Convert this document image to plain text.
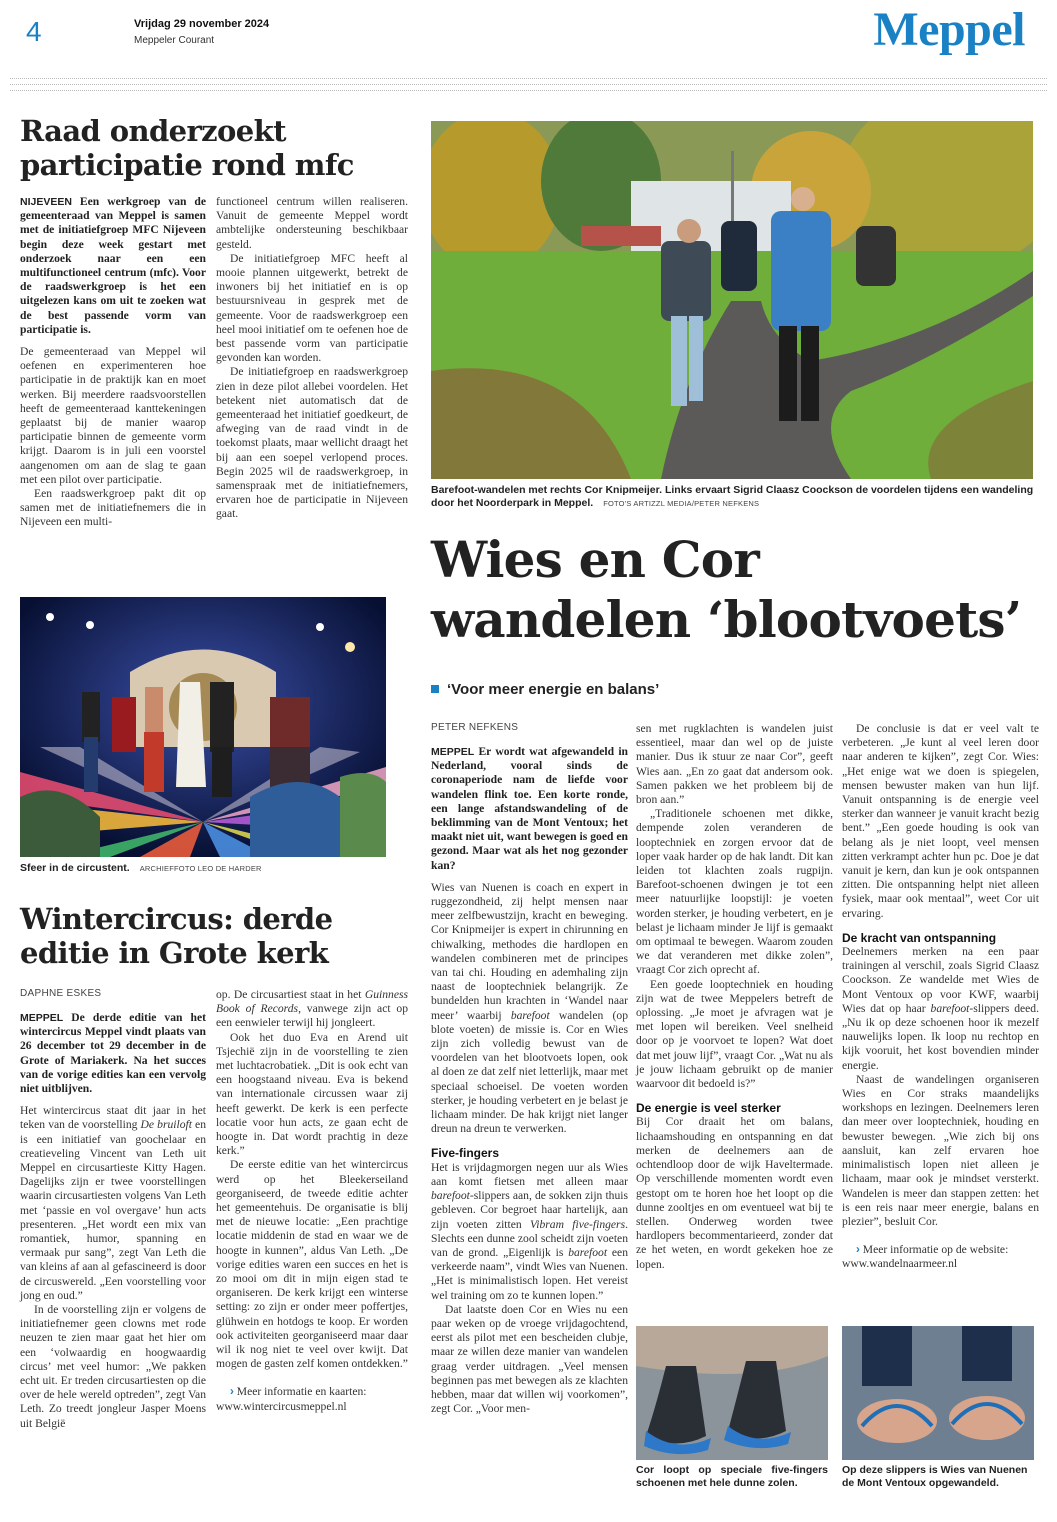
4	Vrijdag 29 november 2024
Meppeler Courant	Meppel
Raad onderzoekt participatie rond mfc
NIJEVEEN Een werkgroep van de gemeenteraad van Meppel is samen met de initiatiefgroep MFC Nijeveen begin deze week gestart met onderzoek naar een een multifunctioneel centrum (mfc). Voor de raadswerkgroep is het een uitgelezen kans om uit te zoeken wat de best passende vorm van participatie is.

De gemeenteraad van Meppel wil oefenen en experimenteren hoe participatie in de praktijk kan en moet werken. Bij meerdere raadsvoorstellen heeft de gemeenteraad kanttekeningen geplaatst bij de manier waarop participatie binnen de gemeente vorm krijgt. Daarom is in juli een voorstel aangenomen om aan de slag te gaan met een pilot over participatie.

Een raadswerkgroep pakt dit op samen met de initiatiefnemers die in Nijeveen een multi-

functioneel centrum willen realiseren. Vanuit de gemeente Meppel wordt ambtelijke ondersteuning beschikbaar gesteld.

De initiatiefgroep MFC heeft al mooie plannen uitgewerkt, betrekt de inwoners bij het initiatief en is op bestuursniveau in gesprek met de gemeente. Voor de raadswerkgroep een heel mooi initiatief om te oefenen hoe de best passende vorm van participatie gevonden kan worden.

De initiatiefgroep en raadswerkgroep zien in deze pilot allebei voordelen. Het betekent niet automatisch dat de gemeenteraad het initiatief goedkeurt, de afweging van de raad vindt in de toekomst plaats, maar wellicht draagt het bij aan een soepel verlopend proces. Begin 2025 wil de raadswerkgroep, in samenspraak met de initiatiefnemers, ervaren hoe de participatie in Nijeveen gaat.

Sfeer in de circustent. ARCHIEFFOTO LEO DE HARDER
Wintercircus: derde editie in Grote kerk
DAPHNE ESKES
MEPPEL De derde editie van het wintercircus Meppel vindt plaats van 26 december tot 29 december in de Grote of Mariakerk. Na het succes van de vorige edities kan een vervolg niet uitblijven.

Het wintercircus staat dit jaar in het teken van de voorstelling De bruiloft en is een initiatief van goochelaar en creatieveling Vincent van Leth uit Meppel en circusartieste Kitty Hagen. Dagelijks zijn er twee voorstellingen waarin circusartiesten volgens Van Leth met ‘passie en vol overgave’ hun acts presenteren. „Het wordt een mix van romantiek, humor, spanning en vermaak pur sang”, zegt Van Leth die van kleins af aan al gefascineerd is door de circuswereld. „Een voorstelling voor jong en oud.”

In de voorstelling zijn er volgens de initiatiefnemer geen clowns met rode neuzen te zien maar gaat het hier om een ‘volwaardig en hoogwaardig circus’ met veel humor: „We pakken echt uit. Er treden circusartiesten op die over de hele wereld optreden”, zegt Van Leth. Zo treedt jongleur Jasper Moens uit België

op. De circusartiest staat in het Guinness Book of Records, vanwege zijn act op een eenwieler terwijl hij jongleert.

Ook het duo Eva en Arend uit Tsjechië zijn in de voorstelling te zien met luchtacrobatiek. „Dit is ook echt van een hoogstaand niveau. Eva is bekend van internationale circussen waar zij heeft gewerkt. De kerk is een perfecte locatie voor hun acts, ze gaan echt de hoogte in. Dat wordt prachtig in deze kerk.”

De eerste editie van het wintercircus werd op het Bleekerseiland georganiseerd, de tweede editie achter het gemeentehuis. De organisatie is blij met de nieuwe locatie: „Een prachtige locatie middenin de stad en waar we de hoogte in kunnen”, aldus Van Leth. „De vorige edities waren een succes en het is zo mooi om dit in mijn eigen stad te organiseren. De kerk krijgt een winterse setting: zo zijn er onder meer poffertjes, glühwein en hotdogs te koop. Er worden ook activiteiten georganiseerd maar daar wil ik nog niet te veel over kwijt. Dat mogen de gasten zelf komen ontdekken.”

› Meer informatie en kaarten:
www.wintercircusmeppel.nl

Barefoot-wandelen met rechts Cor Knipmeijer. Links ervaart Sigrid Claasz Coockson de voordelen tijdens een wandeling door het Noorderpark in Meppel. FOTO'S ARTIZZL MEDIA/PETER NEFKENS
Wies en Cor
wandelen ‘blootvoets’
‘Voor meer energie en balans’
PETER NEFKENS
MEPPEL Er wordt wat afgewandeld in Nederland, vooral sinds de coronaperiode nam de liefde voor wandelen flink toe. Een korte ronde, een lange afstandswandeling of de beklimming van de Mont Ventoux; het maakt niet uit, want bewegen is goed en gezond. Maar wat als het nog gezonder kan?

Wies van Nuenen is coach en expert in ruggezondheid, zij helpt mensen naar meer zelfbewustzijn, kracht en beweging. Cor Knipmeijer is expert in chirunning en chiwalking, methodes die hardlopen en wandelen combineren met de principes van tai chi. Houding en ademhaling zijn naast de looptechniek belangrijk. Ze bundelden hun krachten in ‘Wandel naar meer’ waarbij barefoot wandelen (op blote voeten) de missie is. Cor en Wies zijn zich volledig bewust van de voordelen van het blootvoets lopen, ook al doen ze dat zelf niet letterlijk, maar met speciaal schoeisel. De voeten worden sterker, je houding verbetert en je belast je lichaam minder. De hak krijgt niet langer dreun na dreun te verwerken.

Five-fingers

Het is vrijdagmorgen negen uur als Wies aan komt fietsen met alleen maar barefoot-slippers aan, de sokken zijn thuis gebleven. Cor begroet haar hartelijk, aan zijn voeten zitten Vibram five-fingers. Slechts een dunne zool scheidt zijn voeten van de grond. „Eigenlijk is barefoot een verkeerde naam”, vindt Wies van Nuenen. „Het is minimalistisch lopen. Het vereist wel training om zo te kunnen lopen.”

Dat laatste doen Cor en Wies nu een paar weken op de vroege vrijdagochtend, eerst als pilot met een bescheiden clubje, maar ze willen deze manier van wandelen graag verder uitdragen. „Veel mensen beginnen pas met bewegen als ze klachten hebben, maar dat willen wij voorkomen”, zegt Cor. „Voor men-

sen met rugklachten is wandelen juist essentieel, maar dan wel op de juiste manier. Dus ik stuur ze naar Cor”, geeft Wies aan. „En zo gaat dat andersom ook. Samen pakken we het probleem bij de bron aan.”

„Traditionele schoenen met dikke, dempende zolen veranderen de looptechniek en zorgen ervoor dat de loper vaak harder op de hak landt. Dit kan leiden tot klachten zoals rugpijn. Barefoot-schoenen dwingen je tot een meer natuurlijke loopstijl: je voeten worden sterker, je houding verbetert, en je belast je lichaam minder Je lijf is gemaakt om optimaal te bewegen. Waarom zouden we dat veranderen met dikke zolen”, vraagt Cor zich oprecht af.

Een goede looptechniek en houding zijn wat de twee Meppelers betreft de oplossing. „Je moet je afvragen wat je met lopen wil bereiken. Veel snelheid door op je voorvoet te lopen? Wat doet dat met jouw lijf”, vraagt Cor. „Wat nu als je jouw lichaam gebruikt op de manier waarvoor dit bedoeld is?”

De energie is veel sterker

Bij Cor draait het om balans, lichaamshouding en ontspanning en dat merken de deelnemers aan de ochtendloop door de wijk Haveltermade. Op verschillende momenten wordt even gestopt om te horen hoe het loopt op die dunne zooltjes en om eventueel wat bij te stellen. Onderweg worden twee hardlopers becommentarieerd, zonder dat ze het weten, en wordt gekeken hoe ze lopen.

De conclusie is dat er veel valt te verbeteren. „Je kunt al veel leren door naar anderen te kijken”, zegt Cor. Wies: „Het enige wat we doen is spiegelen, mensen bewuster maken van hun lijf. Vanuit ontspanning is de energie veel sterker dan wanneer je vanuit kracht bezig bent.” „Een goede houding is ook van belang als je niet loopt, veel mensen zitten verkrampt achter hun pc. Doe je dat vanuit je kern, dan kun je ook ontspannen zitten. Die ontspanning helpt niet alleen fysiek, maar ook mentaal”, weet Cor uit ervaring.

De kracht van ontspanning

Deelnemers merken na een paar trainingen al verschil, zoals Sigrid Claasz Coockson. Ze wandelde met Wies de Mont Ventoux op voor KWF, waarbij Wies dat op haar barefoot-slippers deed. „Nu ik op deze schoenen hoor ik mezelf nauwelijks lopen. Ik loop nu rechtop en kijk vooruit, het kost bovendien minder energie.

Naast de wandelingen organiseren Wies en Cor straks maandelijks workshops en lezingen. Deelnemers leren dan meer over looptechniek, houding en bewuster bewegen. „Wie zich bij ons aansluit, kan zelf ervaren hoe minimalistisch lopen niet alleen je lichaam, maar ook je mindset versterkt. Wandelen is meer dan stappen zetten: het is een reis naar meer energie, balans en plezier”, besluit Cor.

› Meer informatie op de website:
www.wandelnaarmeer.nl

Cor loopt op speciale five-fingers schoenen met hele dunne zolen.
Op deze slippers is Wies van Nuenen de Mont Ventoux opgewandeld.
